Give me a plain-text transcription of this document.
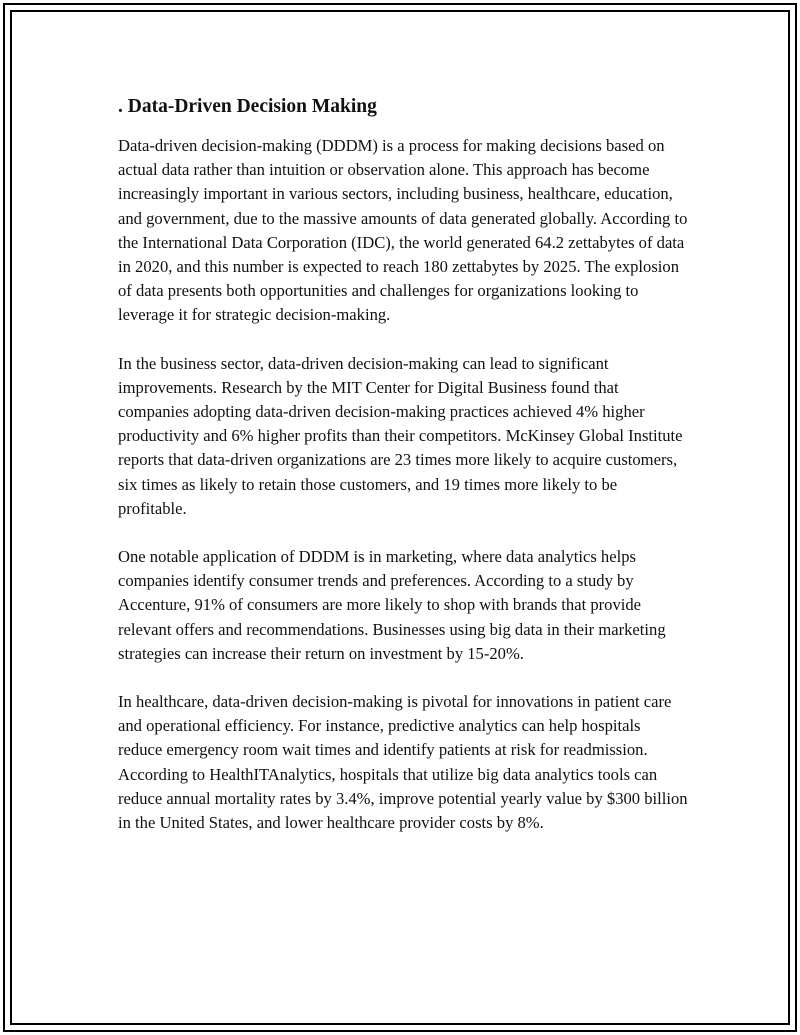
. Data-Driven Decision Making

Data-driven decision-making (DDDM) is a process for making decisions based on actual data rather than intuition or observation alone. This approach has become increasingly important in various sectors, including business, healthcare, education, and government, due to the massive amounts of data generated globally. According to the International Data Corporation (IDC), the world generated 64.2 zettabytes of data in 2020, and this number is expected to reach 180 zettabytes by 2025. The explosion of data presents both opportunities and challenges for organizations looking to leverage it for strategic decision-making.

In the business sector, data-driven decision-making can lead to significant improvements. Research by the MIT Center for Digital Business found that companies adopting data-driven decision-making practices achieved 4% higher productivity and 6% higher profits than their competitors. McKinsey Global Institute reports that data-driven organizations are 23 times more likely to acquire customers, six times as likely to retain those customers, and 19 times more likely to be profitable.

One notable application of DDDM is in marketing, where data analytics helps companies identify consumer trends and preferences. According to a study by Accenture, 91% of consumers are more likely to shop with brands that provide relevant offers and recommendations. Businesses using big data in their marketing strategies can increase their return on investment by 15-20%.

In healthcare, data-driven decision-making is pivotal for innovations in patient care and operational efficiency. For instance, predictive analytics can help hospitals reduce emergency room wait times and identify patients at risk for readmission. According to HealthITAnalytics, hospitals that utilize big data analytics tools can reduce annual mortality rates by 3.4%, improve potential yearly value by $300 billion in the United States, and lower healthcare provider costs by 8%.
